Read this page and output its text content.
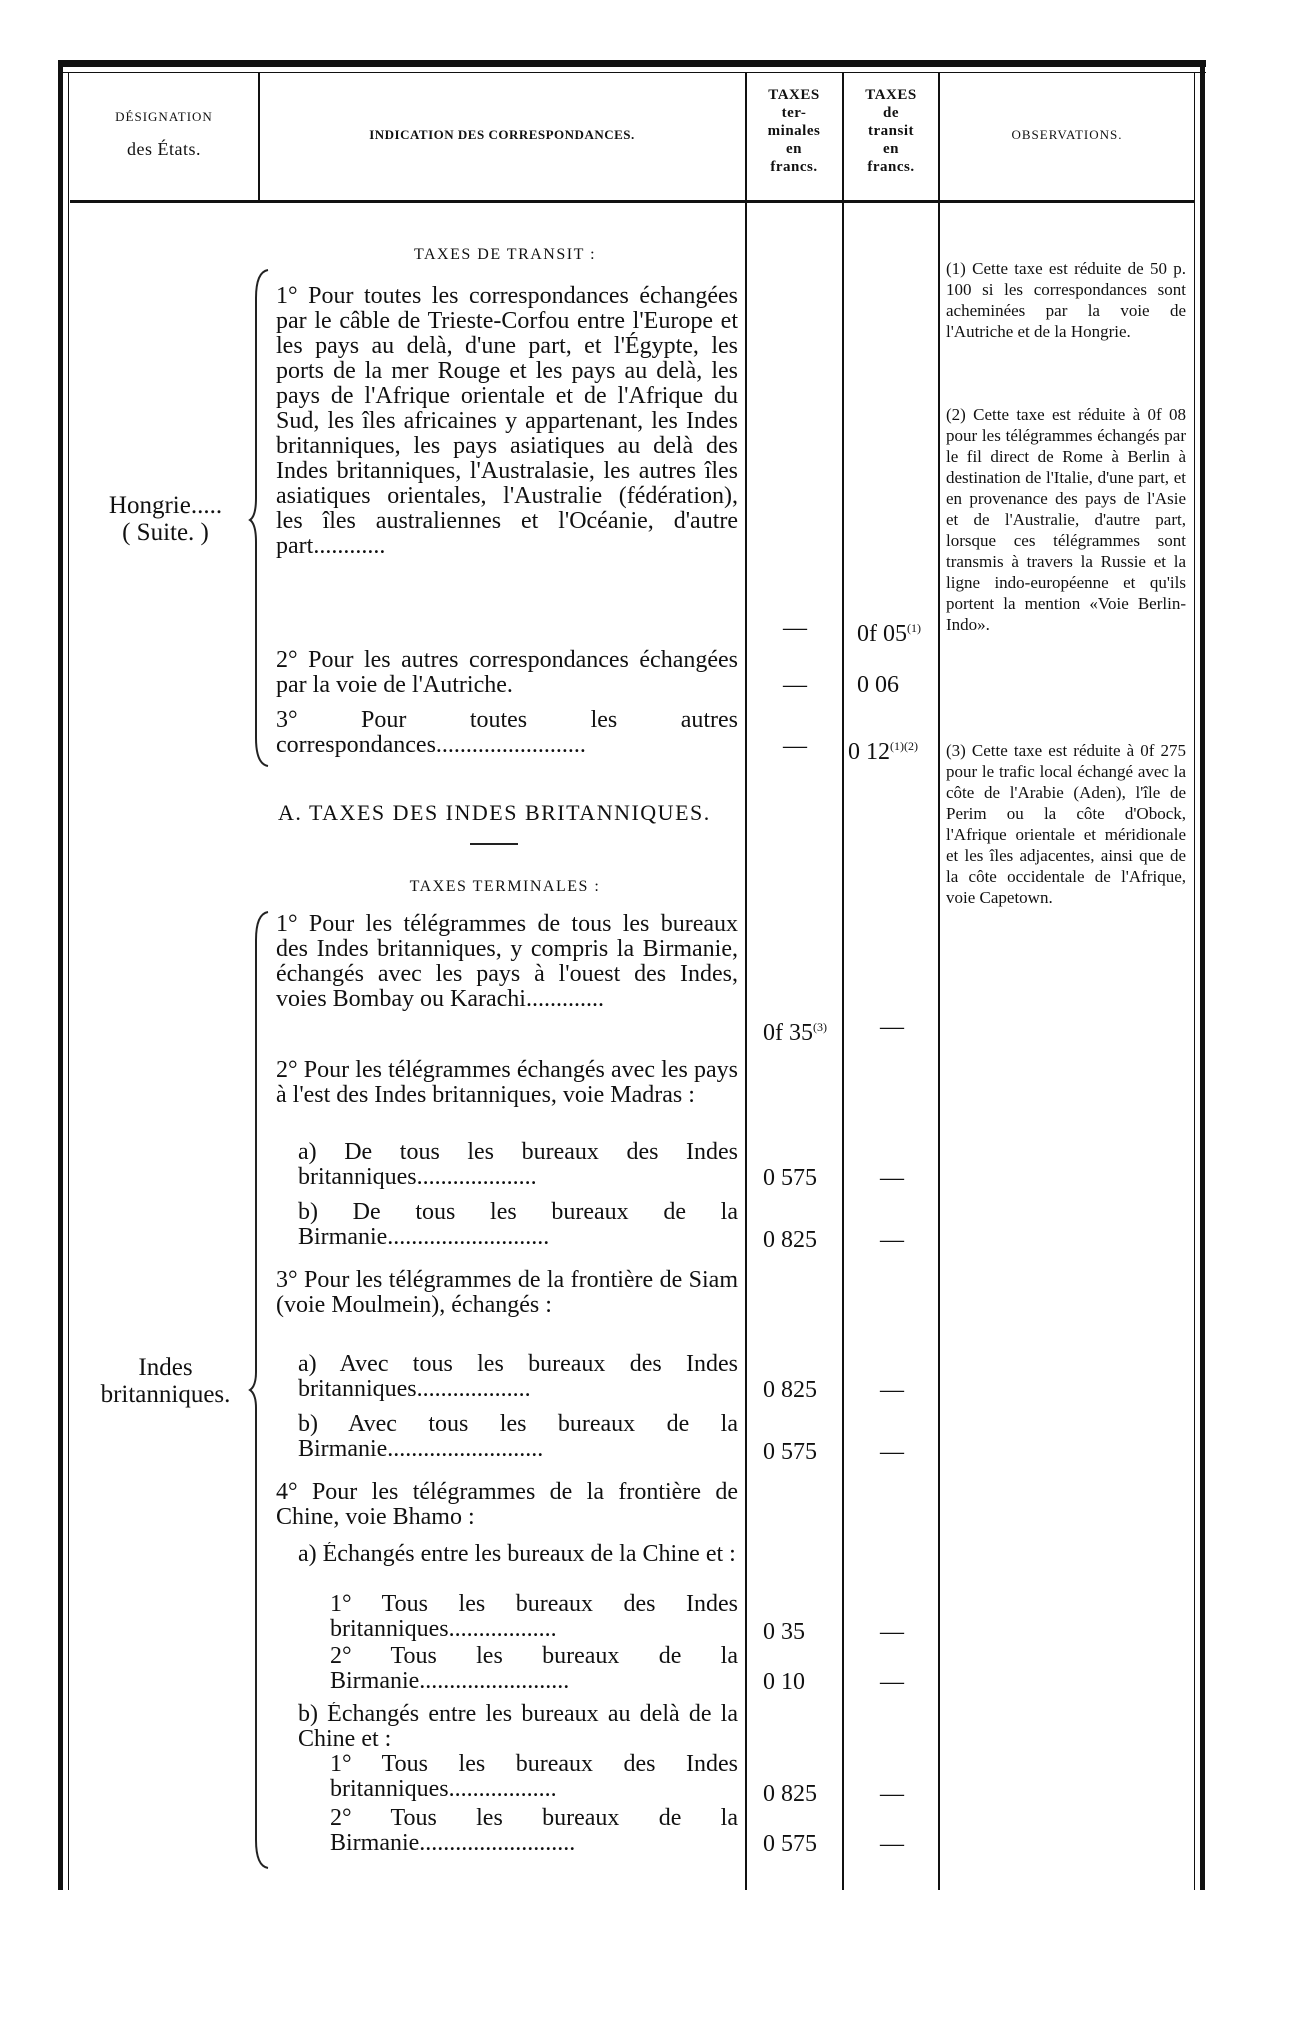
DÉSIGNATION
des États.
INDICATION DES CORRESPONDANCES.
TAXES
ter-
minales
en
francs.
TAXES
de
transit
en
francs.
OBSERVATIONS.
Hongrie.....
( Suite. )
Indes
britanniques.
TAXES DE TRANSIT :
A. TAXES DES INDES BRITANNIQUES.
TAXES TERMINALES :
1° Pour toutes les correspondances échangées par le câble de Trieste-Corfou entre l'Europe et les pays au delà, d'une part, et l'Égypte, les ports de la mer Rouge et les pays au delà, les pays de l'Afrique orientale et de l'Afrique du Sud, les îles africaines y appartenant, les Indes britanniques, les pays asiatiques au delà des Indes britanniques, l'Australasie, les autres îles asiatiques orientales, l'Australie (fédération), les îles australiennes et l'Océanie, d'autre part............
— 0f 05$^{(1)}$
2° Pour les autres correspondances échangées par la voie de l'Autriche.	— 0 06
3° Pour toutes les autres correspondances.........................	— 0 $12^{(1)(2)}$
1° Pour les télégrammes de tous les bureaux des Indes britanniques, y compris la Birmanie, échangés avec les pays à l'ouest des Indes, voies Bombay ou Karachi.............
0f 35$^{(3)}$ —
2° Pour les télégrammes échangés avec les pays à l'est des Indes britanniques, voie Madras :
a) De tous les bureaux des Indes britanniques....................	0 575	—
b) De tous les bureaux de la Birmanie...........................	0 825	—
3° Pour les télégrammes de la frontière de Siam (voie Moulmein), échangés :
a) Avec tous les bureaux des Indes britanniques...................	0 825	—
b) Avec tous les bureaux de la Birmanie..........................	0 575	—
4° Pour les télégrammes de la frontière de Chine, voie Bhamo :
a) Échangés entre les bureaux de la Chine et :
1° Tous les bureaux des Indes britanniques..................	0 35	—
2° Tous les bureaux de la Birmanie.........................	0 10	—
b) Échangés entre les bureaux au delà de la Chine et :
1° Tous les bureaux des Indes britanniques..................	0 825	—
2° Tous les bureaux de la Birmanie..........................	0 575	—
(1) Cette taxe est réduite de 50 p. 100 si les correspondances sont acheminées par la voie de l'Autriche et de la Hongrie.
(2) Cette taxe est réduite à 0f 08 pour les télégrammes échangés par le fil direct de Rome à Berlin à destination de l'Italie, d'une part, et en provenance des pays de l'Asie et de l'Australie, d'autre part, lorsque ces télégrammes sont transmis à travers la Russie et la ligne indo-européenne et qu'ils portent la mention «Voie Berlin-Indo».
(3) Cette taxe est réduite à 0f 275 pour le trafic local échangé avec la côte de l'Arabie (Aden), l'île de Perim ou la côte d'Obock, l'Afrique orientale et méridionale et les îles adjacentes, ainsi que de la côte occidentale de l'Afrique, voie Capetown.
